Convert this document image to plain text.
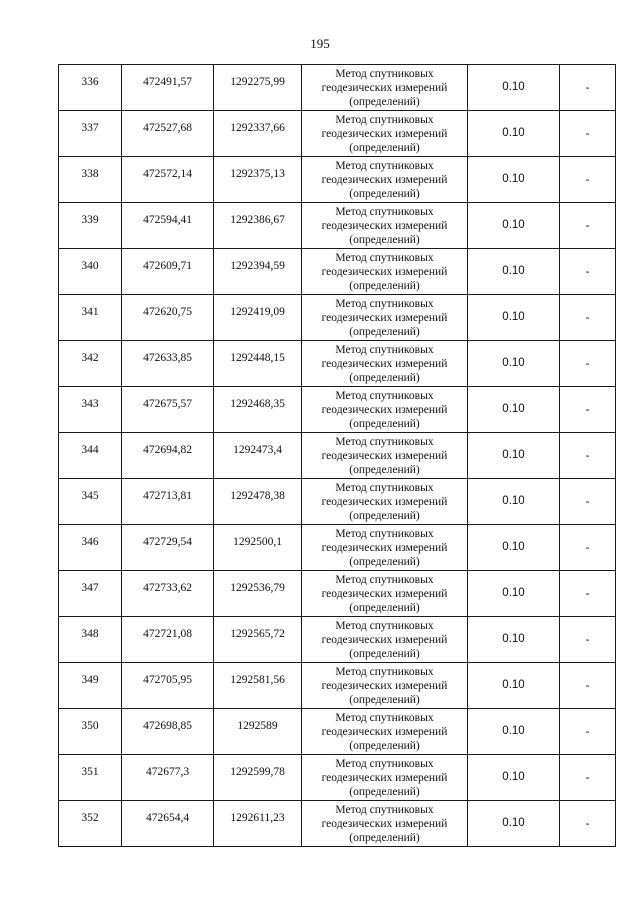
195
336	472491,57	1292275,99	Метод спутниковых
геодезических измерений
(определений)	0.10	-
337	472527,68	1292337,66	Метод спутниковых
геодезических измерений
(определений)	0.10	-
338	472572,14	1292375,13	Метод спутниковых
геодезических измерений
(определений)	0.10	-
339	472594,41	1292386,67	Метод спутниковых
геодезических измерений
(определений)	0.10	-
340	472609,71	1292394,59	Метод спутниковых
геодезических измерений
(определений)	0.10	-
341	472620,75	1292419,09	Метод спутниковых
геодезических измерений
(определений)	0.10	-
342	472633,85	1292448,15	Метод спутниковых
геодезических измерений
(определений)	0.10	-
343	472675,57	1292468,35	Метод спутниковых
геодезических измерений
(определений)	0.10	-
344	472694,82	1292473,4	Метод спутниковых
геодезических измерений
(определений)	0.10	-
345	472713,81	1292478,38	Метод спутниковых
геодезических измерений
(определений)	0.10	-
346	472729,54	1292500,1	Метод спутниковых
геодезических измерений
(определений)	0.10	-
347	472733,62	1292536,79	Метод спутниковых
геодезических измерений
(определений)	0.10	-
348	472721,08	1292565,72	Метод спутниковых
геодезических измерений
(определений)	0.10	-
349	472705,95	1292581,56	Метод спутниковых
геодезических измерений
(определений)	0.10	-
350	472698,85	1292589	Метод спутниковых
геодезических измерений
(определений)	0.10	-
351	472677,3	1292599,78	Метод спутниковых
геодезических измерений
(определений)	0.10	-
352	472654,4	1292611,23	Метод спутниковых
геодезических измерений
(определений)	0.10	-
